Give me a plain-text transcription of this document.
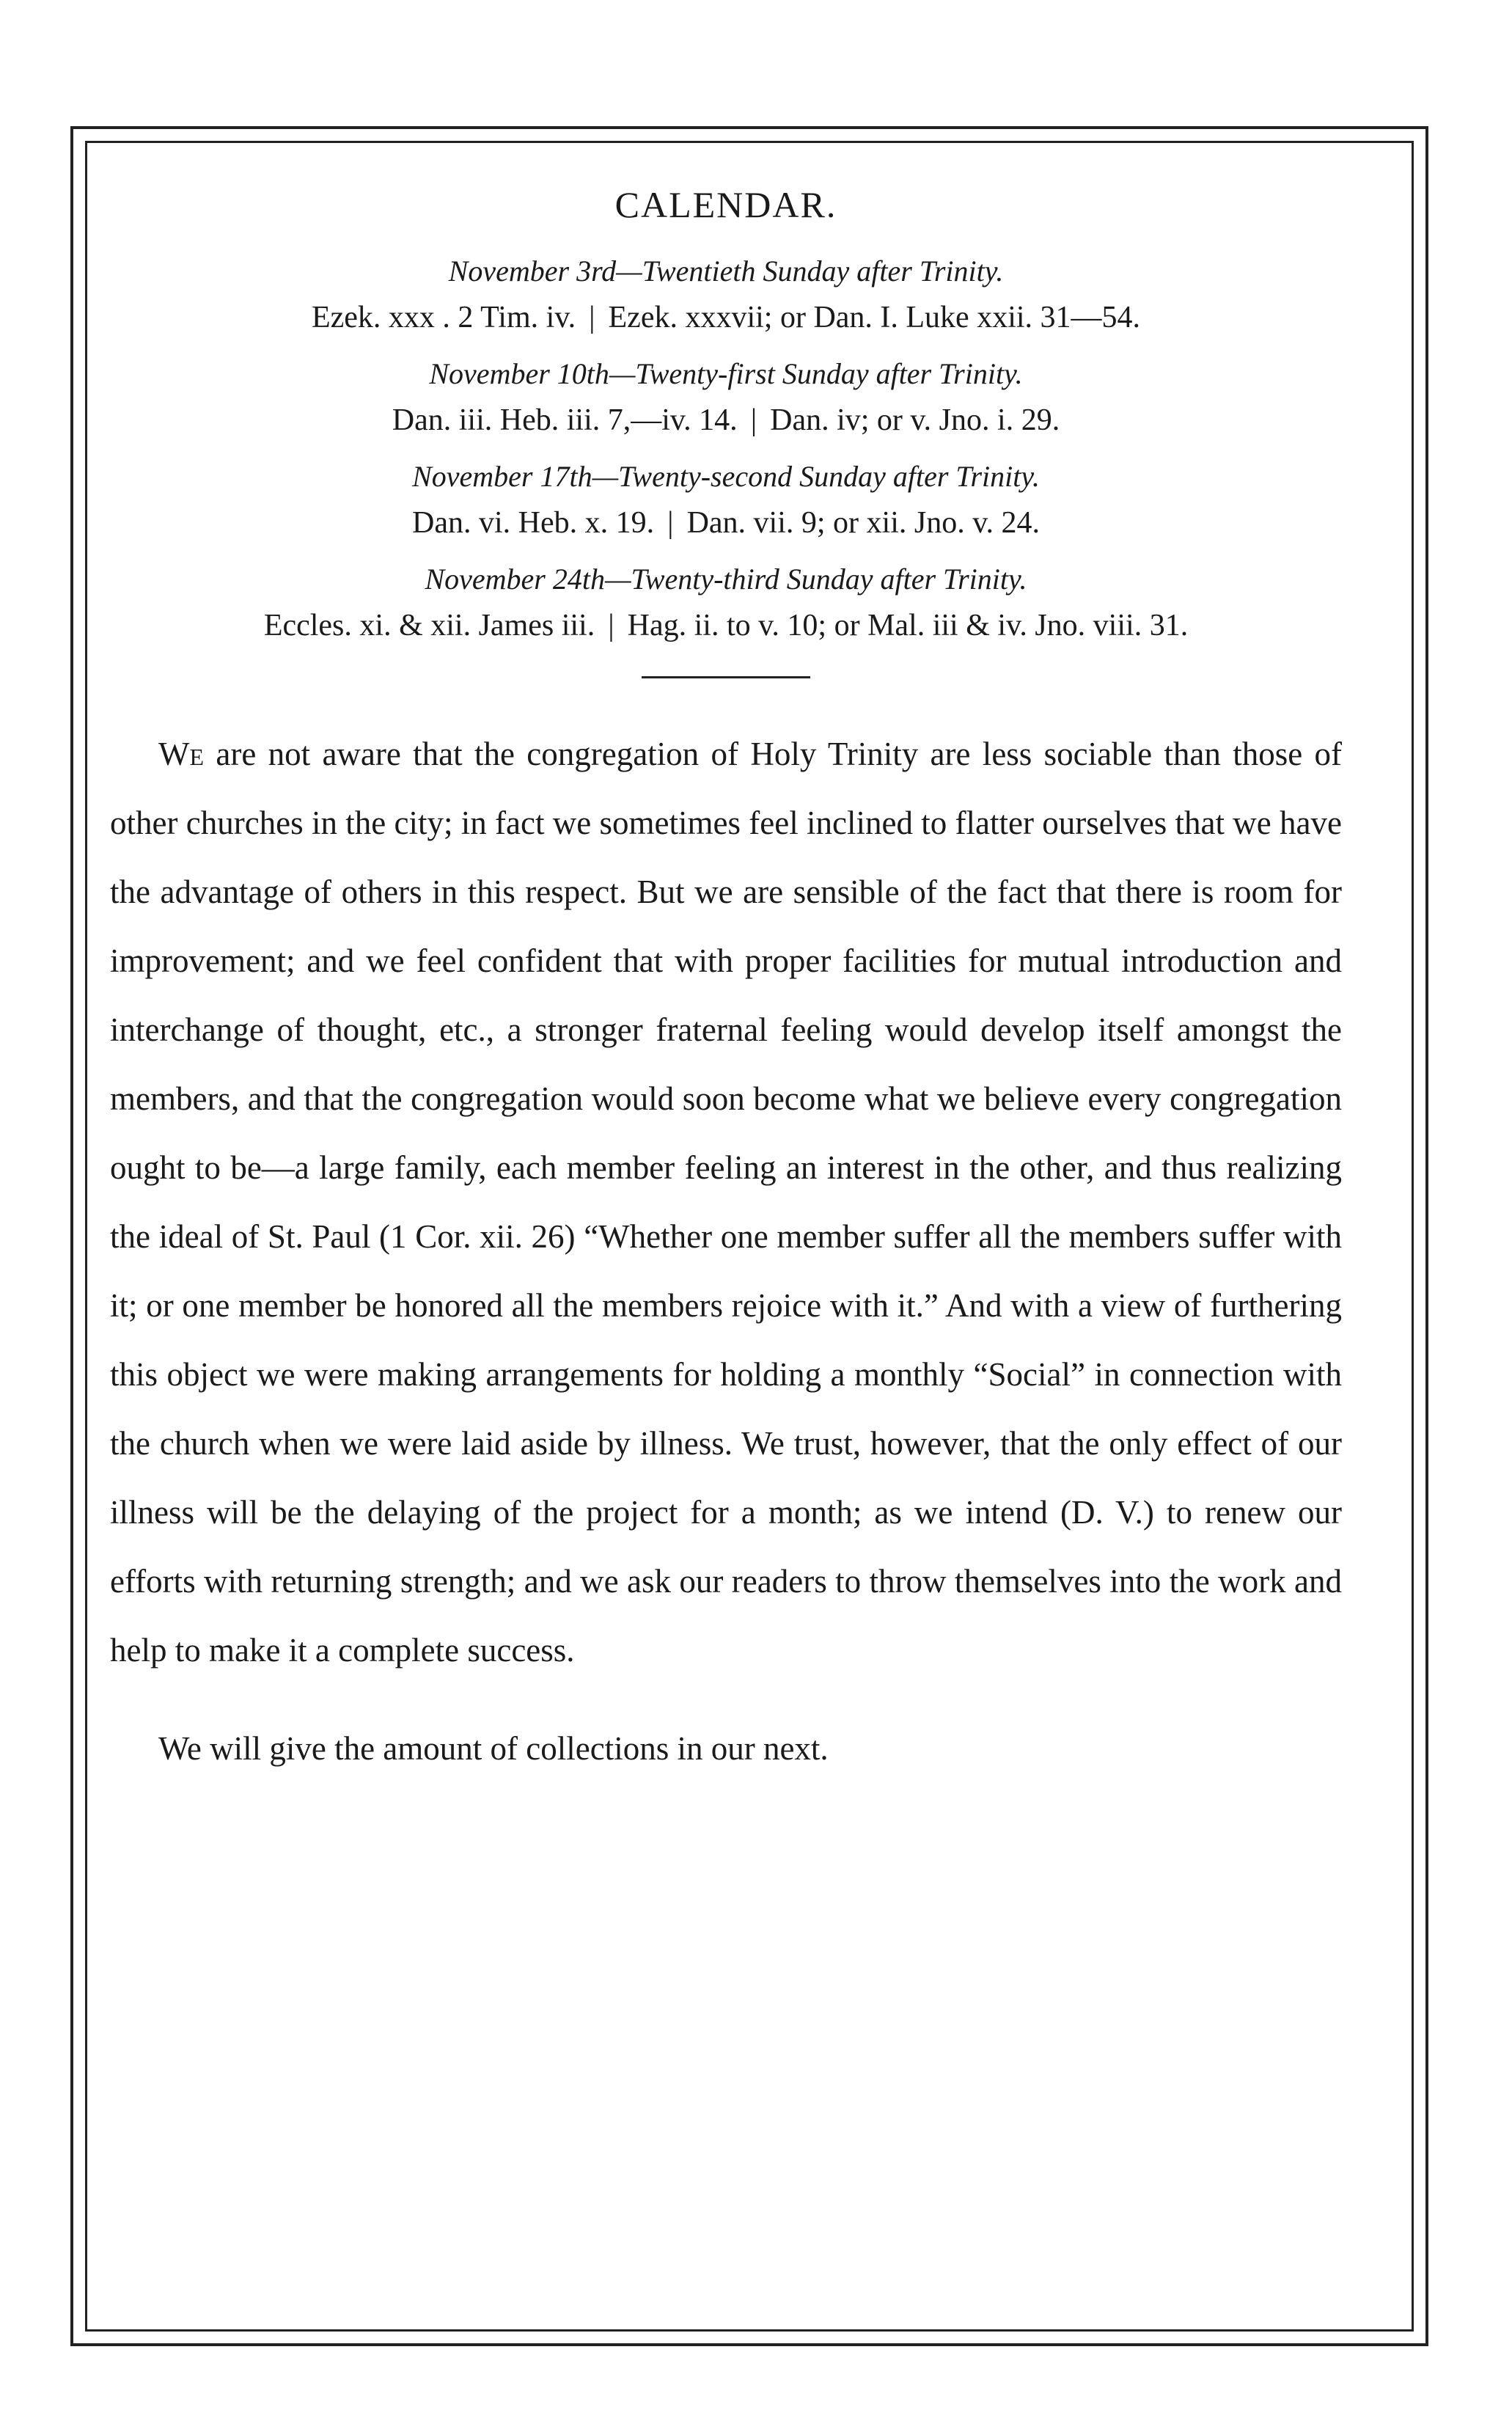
CALENDAR.
November 3rd—Twentieth Sunday after Trinity.
Ezek. xxx . 2 Tim. iv. | Ezek. xxxvii; or Dan. I. Luke xxii. 31—54.
November 10th—Twenty-first Sunday after Trinity.
Dan. iii. Heb. iii. 7,—iv. 14. | Dan. iv; or v. Jno. i. 29.
November 17th—Twenty-second Sunday after Trinity.
Dan. vi. Heb. x. 19. | Dan. vii. 9; or xii. Jno. v. 24.
November 24th—Twenty-third Sunday after Trinity.
Eccles. xi. & xii. James iii. | Hag. ii. to v. 10; or Mal. iii & iv. Jno. viii. 31.

We are not aware that the congregation of Holy Trinity are less sociable than those of other churches in the city; in fact we sometimes feel inclined to flatter ourselves that we have the advantage of others in this respect. But we are sensible of the fact that there is room for improvement; and we feel confident that with proper facilities for mutual introduction and interchange of thought, etc., a stronger fraternal feeling would develop itself amongst the members, and that the congregation would soon become what we believe every congregation ought to be—a large family, each member feeling an interest in the other, and thus realizing the ideal of St. Paul (1 Cor. xii. 26) “Whether one member suffer all the members suffer with it; or one member be honored all the members rejoice with it.” And with a view of furthering this object we were making arrangements for holding a monthly “Social” in connection with the church when we were laid aside by illness. We trust, however, that the only effect of our illness will be the delaying of the project for a month; as we intend (D. V.) to renew our efforts with returning strength; and we ask our readers to throw themselves into the work and help to make it a complete success.

We will give the amount of collections in our next.
